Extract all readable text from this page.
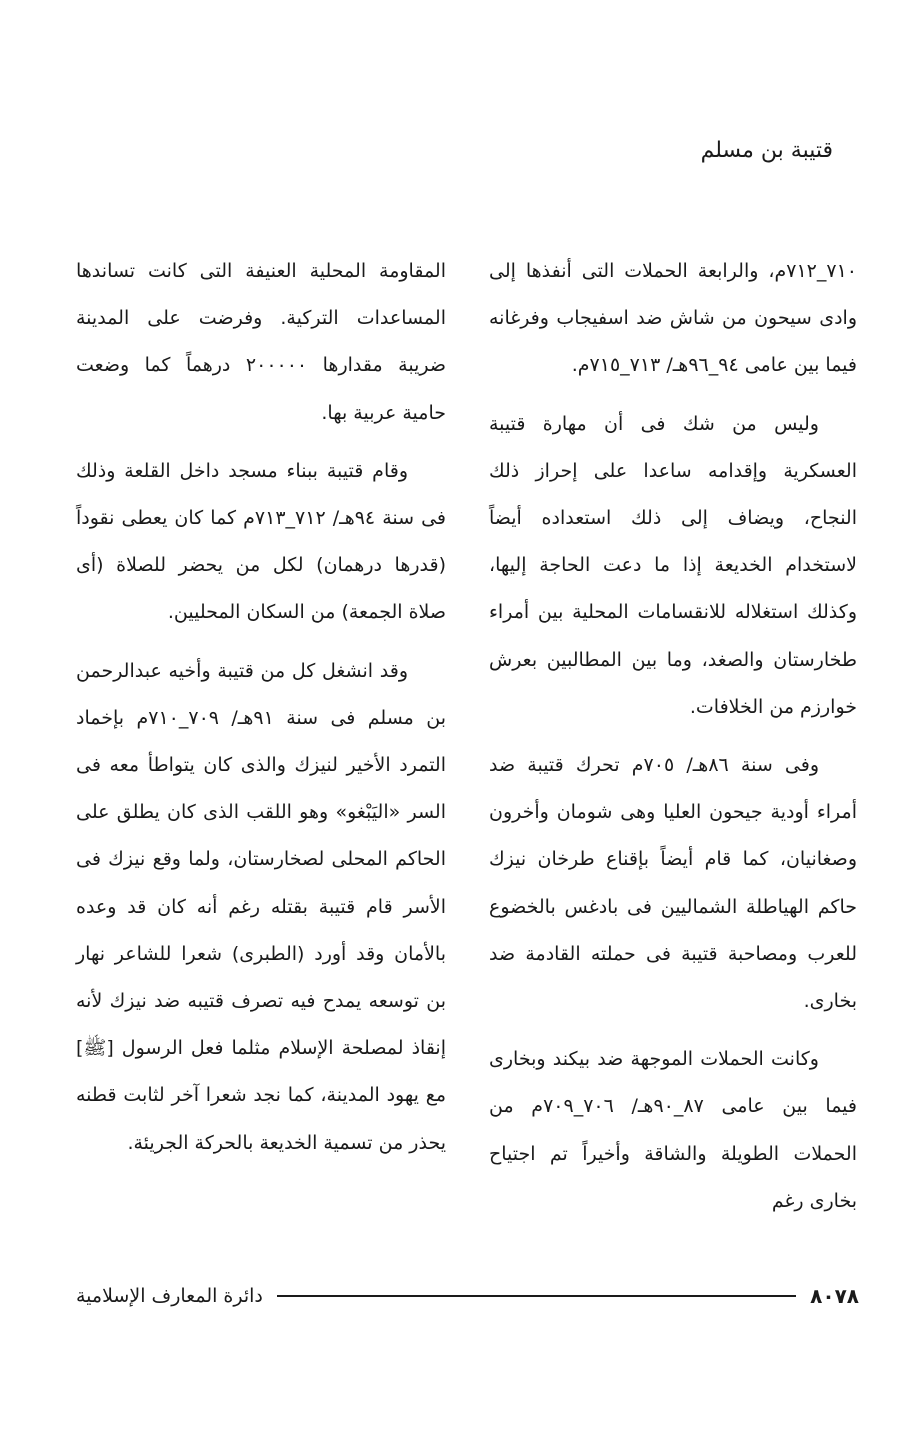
قتيبة بن مسلم

٧١٠_٧١٢م، والرابعة الحملات التى أنفذها إلى وادى سيحون من شاش ضد اسفيجاب وفرغانه فيما بين عامى ٩٤_٩٦هـ/ ٧١٣_٧١٥م.

وليس من شك فى أن مهارة قتيبة العسكرية وإقدامه ساعدا على إحراز ذلك النجاح، ويضاف إلى ذلك استعداده أيضاً لاستخدام الخديعة إذا ما دعت الحاجة إليها، وكذلك استغلاله للانقسامات المحلية بين أمراء طخارستان والصغد، وما بين المطالبين بعرش خوارزم من الخلافات.

وفى سنة ٨٦هـ/ ٧٠٥م تحرك قتيبة ضد أمراء أودية جيحون العليا وهى شومان وأخرون وصغانيان، كما قام أيضاً بإقناع طرخان نيزك حاكم الهياطلة الشماليين فى بادغس بالخضوع للعرب ومصاحبة قتيبة فى حملته القادمة ضد بخارى.

وكانت الحملات الموجهة ضد بيكند وبخارى فيما بين عامى ٨٧_٩٠هـ/ ٧٠٦_٧٠٩م من الحملات الطويلة والشاقة وأخيراً تم اجتياح بخارى رغم

المقاومة المحلية العنيفة التى كانت تساندها المساعدات التركية. وفرضت على المدينة ضريبة مقدارها ٢٠٠٠٠٠ درهماً كما وضعت حامية عربية بها.

وقام قتيبة ببناء مسجد داخل القلعة وذلك فى سنة ٩٤هـ/ ٧١٢_٧١٣م كما كان يعطى نقوداً (قدرها درهمان) لكل من يحضر للصلاة (أى صلاة الجمعة) من السكان المحليين.

وقد انشغل كل من قتيبة وأخيه عبدالرحمن بن مسلم فى سنة ٩١هـ/ ٧٠٩_٧١٠م بإخماد التمرد الأخير لنيزك والذى كان يتواطأ معه فى السر «اليَبْغو» وهو اللقب الذى كان يطلق على الحاكم المحلى لصخارستان، ولما وقع نيزك فى الأسر قام قتيبة بقتله رغم أنه كان قد وعده بالأمان وقد أورد (الطبرى) شعرا للشاعر نهار بن توسعه يمدح فيه تصرف قتيبه ضد نيزك لأنه إنقاذ لمصلحة الإسلام مثلما فعل الرسول [ﷺ] مع يهود المدينة، كما نجد شعرا آخر لثابت قطنه يحذر من تسمية الخديعة بالحركة الجريئة.

٨٠٧٨
دائرة المعارف الإسلامية
